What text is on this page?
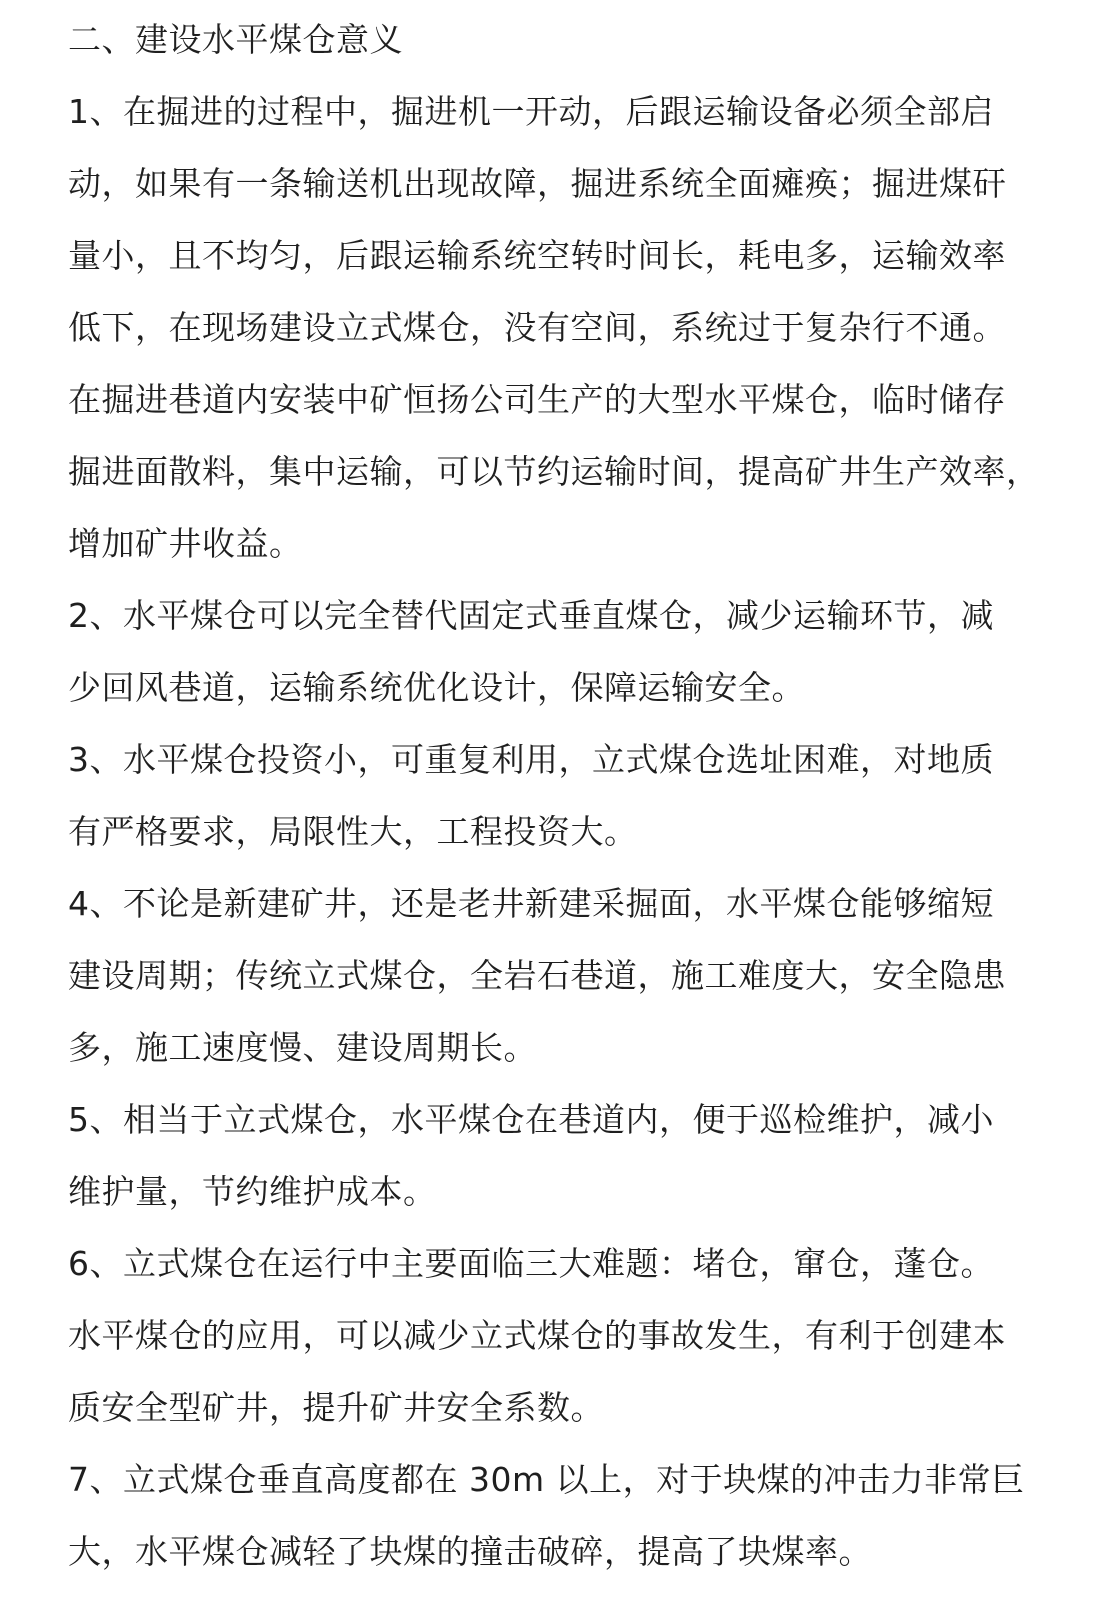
二、建设水平煤仓意义
1、在掘进的过程中，掘进机一开动，后跟运输设备必须全部启
动，如果有一条输送机出现故障，掘进系统全面瘫痪；掘进煤矸
量小，且不均匀，后跟运输系统空转时间长，耗电多，运输效率
低下，在现场建设立式煤仓，没有空间，系统过于复杂行不通。
在掘进巷道内安装中矿恒扬公司生产的大型水平煤仓，临时储存
掘进面散料，集中运输，可以节约运输时间，提高矿井生产效率，
增加矿井收益。
2、水平煤仓可以完全替代固定式垂直煤仓，减少运输环节，减
少回风巷道，运输系统优化设计，保障运输安全。
3、水平煤仓投资小，可重复利用，立式煤仓选址困难，对地质
有严格要求，局限性大，工程投资大。
4、不论是新建矿井，还是老井新建采掘面，水平煤仓能够缩短
建设周期；传统立式煤仓，全岩石巷道，施工难度大，安全隐患
多，施工速度慢、建设周期长。
5、相当于立式煤仓，水平煤仓在巷道内，便于巡检维护，减小
维护量，节约维护成本。
6、立式煤仓在运行中主要面临三大难题：堵仓，窜仓，蓬仓。
水平煤仓的应用，可以减少立式煤仓的事故发生，有利于创建本
质安全型矿井，提升矿井安全系数。
7、立式煤仓垂直高度都在 30m 以上，对于块煤的冲击力非常巨
大，水平煤仓减轻了块煤的撞击破碎，提高了块煤率。
